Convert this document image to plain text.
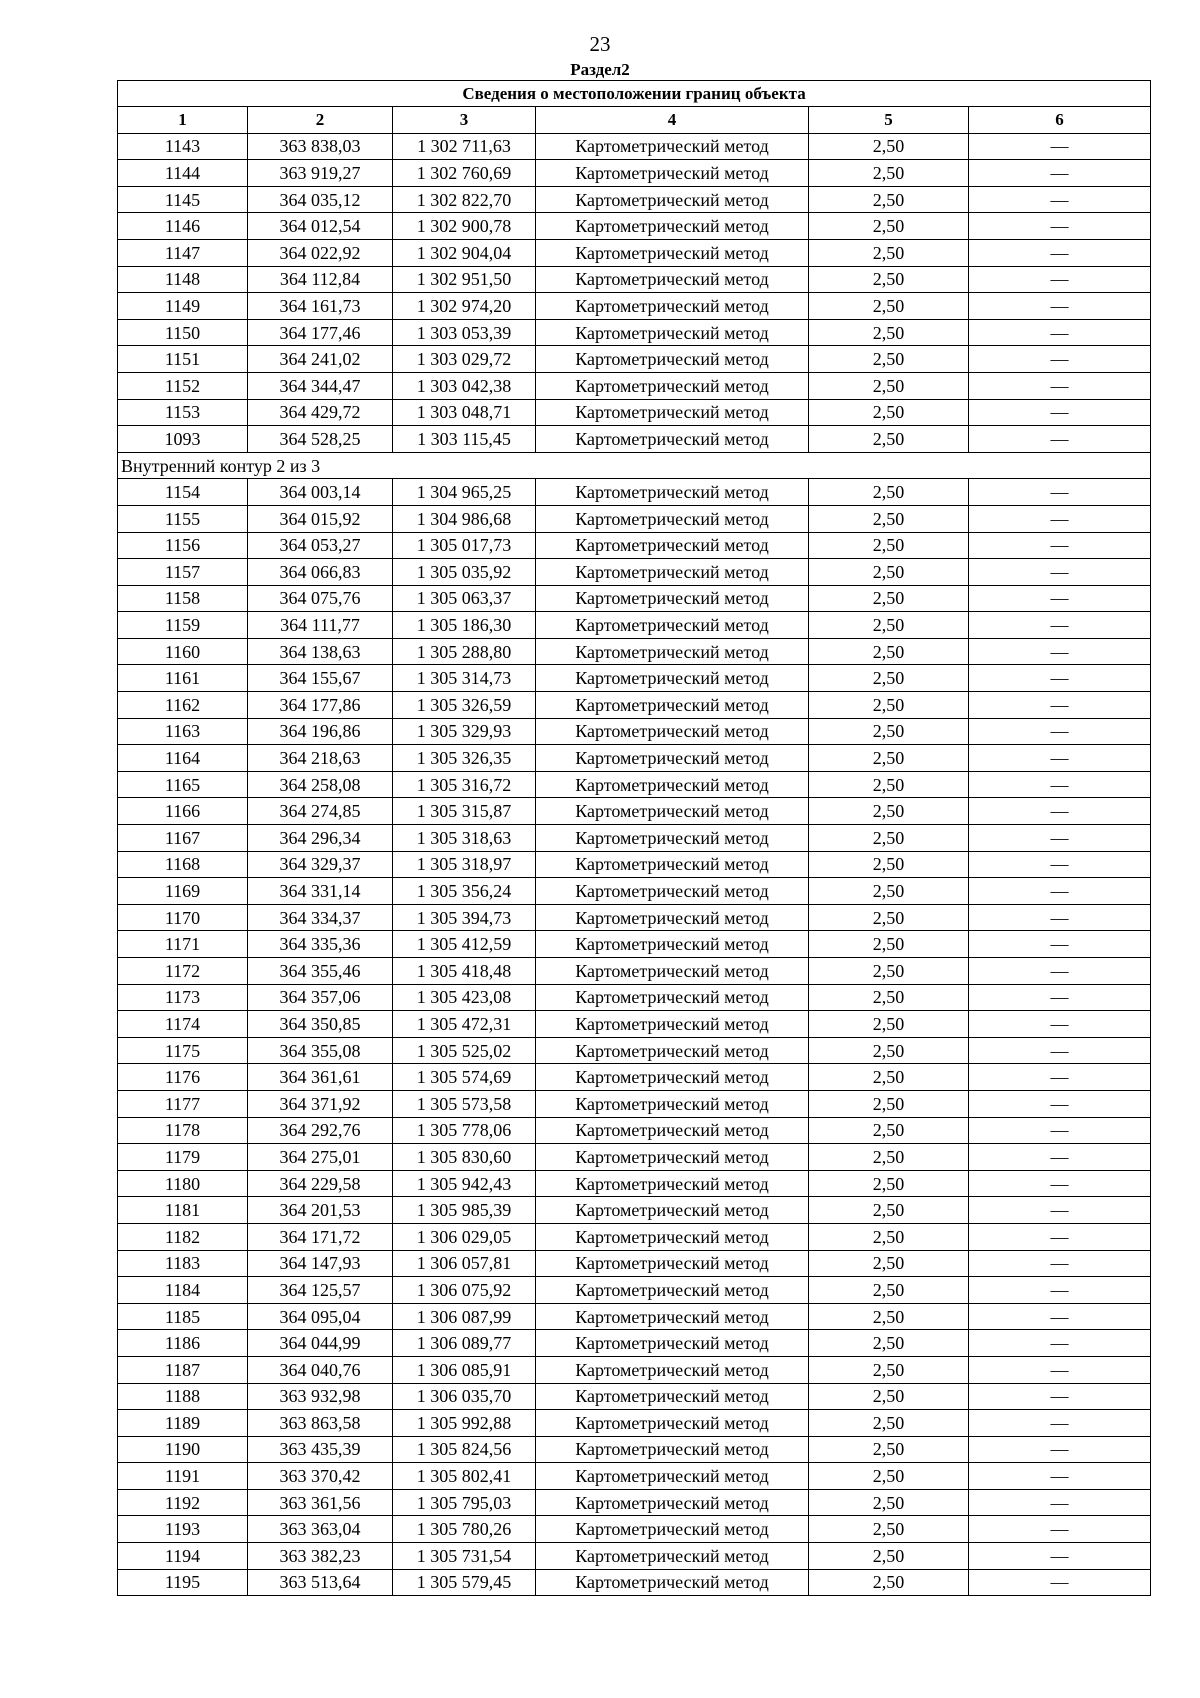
23
Раздел2
Сведения о местоположении границ объекта					
1	2	3	4	5	6
1143	363 838,03	1 302 711,63	Картометрический метод	2,50	—
1144	363 919,27	1 302 760,69	Картометрический метод	2,50	—
1145	364 035,12	1 302 822,70	Картометрический метод	2,50	—
1146	364 012,54	1 302 900,78	Картометрический метод	2,50	—
1147	364 022,92	1 302 904,04	Картометрический метод	2,50	—
1148	364 112,84	1 302 951,50	Картометрический метод	2,50	—
1149	364 161,73	1 302 974,20	Картометрический метод	2,50	—
1150	364 177,46	1 303 053,39	Картометрический метод	2,50	—
1151	364 241,02	1 303 029,72	Картометрический метод	2,50	—
1152	364 344,47	1 303 042,38	Картометрический метод	2,50	—
1153	364 429,72	1 303 048,71	Картометрический метод	2,50	—
1093	364 528,25	1 303 115,45	Картометрический метод	2,50	—
Внутренний контур 2 из 3					
1154	364 003,14	1 304 965,25	Картометрический метод	2,50	—
1155	364 015,92	1 304 986,68	Картометрический метод	2,50	—
1156	364 053,27	1 305 017,73	Картометрический метод	2,50	—
1157	364 066,83	1 305 035,92	Картометрический метод	2,50	—
1158	364 075,76	1 305 063,37	Картометрический метод	2,50	—
1159	364 111,77	1 305 186,30	Картометрический метод	2,50	—
1160	364 138,63	1 305 288,80	Картометрический метод	2,50	—
1161	364 155,67	1 305 314,73	Картометрический метод	2,50	—
1162	364 177,86	1 305 326,59	Картометрический метод	2,50	—
1163	364 196,86	1 305 329,93	Картометрический метод	2,50	—
1164	364 218,63	1 305 326,35	Картометрический метод	2,50	—
1165	364 258,08	1 305 316,72	Картометрический метод	2,50	—
1166	364 274,85	1 305 315,87	Картометрический метод	2,50	—
1167	364 296,34	1 305 318,63	Картометрический метод	2,50	—
1168	364 329,37	1 305 318,97	Картометрический метод	2,50	—
1169	364 331,14	1 305 356,24	Картометрический метод	2,50	—
1170	364 334,37	1 305 394,73	Картометрический метод	2,50	—
1171	364 335,36	1 305 412,59	Картометрический метод	2,50	—
1172	364 355,46	1 305 418,48	Картометрический метод	2,50	—
1173	364 357,06	1 305 423,08	Картометрический метод	2,50	—
1174	364 350,85	1 305 472,31	Картометрический метод	2,50	—
1175	364 355,08	1 305 525,02	Картометрический метод	2,50	—
1176	364 361,61	1 305 574,69	Картометрический метод	2,50	—
1177	364 371,92	1 305 573,58	Картометрический метод	2,50	—
1178	364 292,76	1 305 778,06	Картометрический метод	2,50	—
1179	364 275,01	1 305 830,60	Картометрический метод	2,50	—
1180	364 229,58	1 305 942,43	Картометрический метод	2,50	—
1181	364 201,53	1 305 985,39	Картометрический метод	2,50	—
1182	364 171,72	1 306 029,05	Картометрический метод	2,50	—
1183	364 147,93	1 306 057,81	Картометрический метод	2,50	—
1184	364 125,57	1 306 075,92	Картометрический метод	2,50	—
1185	364 095,04	1 306 087,99	Картометрический метод	2,50	—
1186	364 044,99	1 306 089,77	Картометрический метод	2,50	—
1187	364 040,76	1 306 085,91	Картометрический метод	2,50	—
1188	363 932,98	1 306 035,70	Картометрический метод	2,50	—
1189	363 863,58	1 305 992,88	Картометрический метод	2,50	—
1190	363 435,39	1 305 824,56	Картометрический метод	2,50	—
1191	363 370,42	1 305 802,41	Картометрический метод	2,50	—
1192	363 361,56	1 305 795,03	Картометрический метод	2,50	—
1193	363 363,04	1 305 780,26	Картометрический метод	2,50	—
1194	363 382,23	1 305 731,54	Картометрический метод	2,50	—
1195	363 513,64	1 305 579,45	Картометрический метод	2,50	—
